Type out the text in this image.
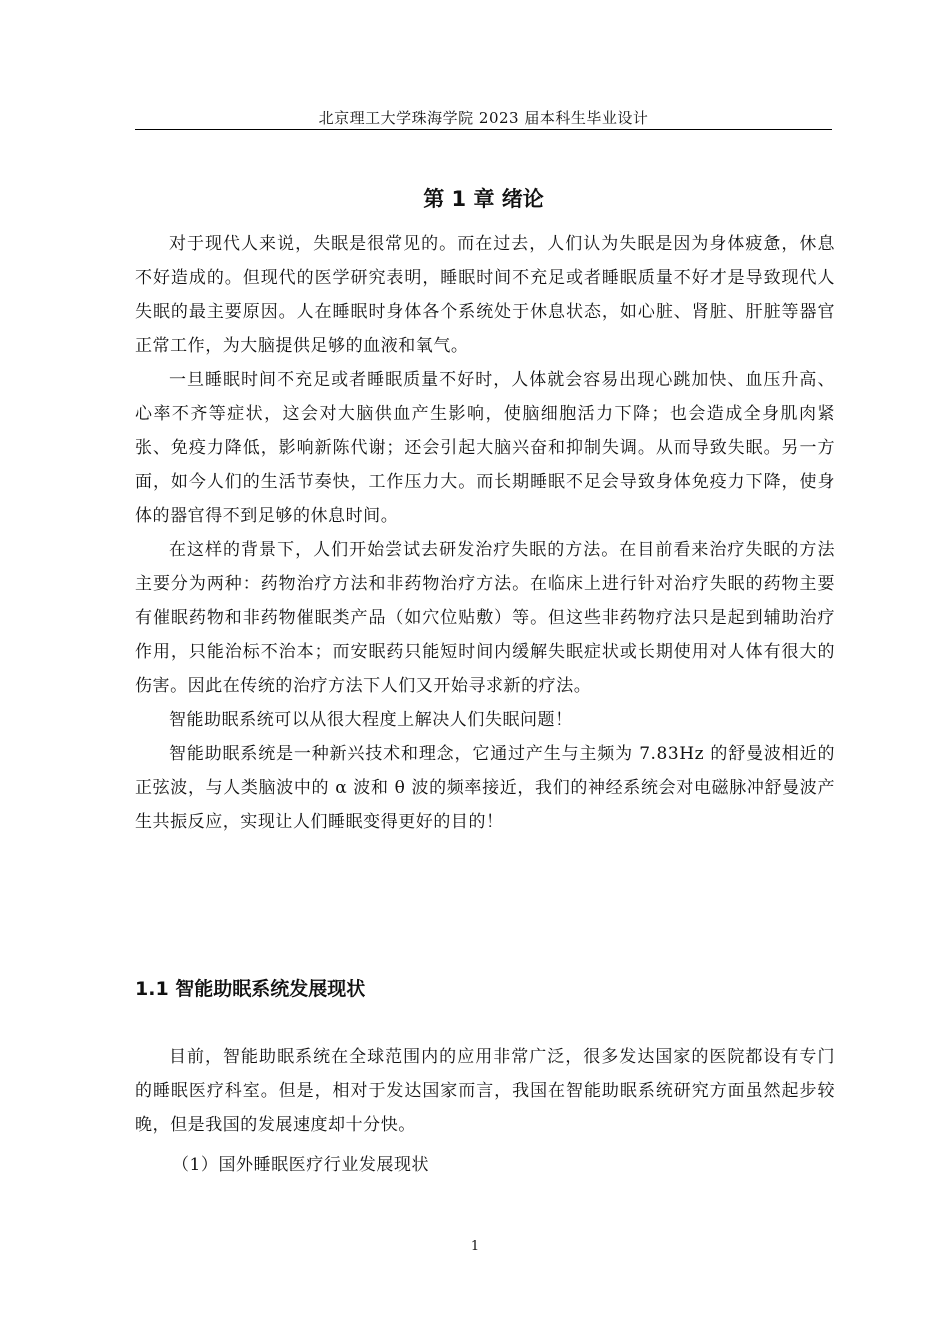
北京理工大学珠海学院 2023 届本科生毕业设计
第 1 章 绪论

对于现代人来说，失眠是很常见的。而在过去，人们认为失眠是因为身体疲惫，休息不好造成的。但现代的医学研究表明，睡眠时间不充足或者睡眠质量不好才是导致现代人失眠的最主要原因。人在睡眠时身体各个系统处于休息状态，如心脏、肾脏、肝脏等器官正常工作，为大脑提供足够的血液和氧气。

一旦睡眠时间不充足或者睡眠质量不好时，人体就会容易出现心跳加快、血压升高、心率不齐等症状，这会对大脑供血产生影响，使脑细胞活力下降；也会造成全身肌肉紧张、免疫力降低，影响新陈代谢；还会引起大脑兴奋和抑制失调。从而导致失眠。另一方面，如今人们的生活节奏快，工作压力大。而长期睡眠不足会导致身体免疫力下降，使身体的器官得不到足够的休息时间。

在这样的背景下，人们开始尝试去研发治疗失眠的方法。在目前看来治疗失眠的方法主要分为两种：药物治疗方法和非药物治疗方法。在临床上进行针对治疗失眠的药物主要有催眠药物和非药物催眠类产品（如穴位贴敷）等。但这些非药物疗法只是起到辅助治疗作用，只能治标不治本；而安眠药只能短时间内缓解失眠症状或长期使用对人体有很大的伤害。因此在传统的治疗方法下人们又开始寻求新的疗法。

智能助眠系统可以从很大程度上解决人们失眠问题！

智能助眠系统是一种新兴技术和理念，它通过产生与主频为 7.83Hz 的舒曼波相近的正弦波，与人类脑波中的 α 波和 θ 波的频率接近，我们的神经系统会对电磁脉冲舒曼波产生共振反应，实现让人们睡眠变得更好的目的！

1.1 智能助眠系统发展现状

目前，智能助眠系统在全球范围内的应用非常广泛，很多发达国家的医院都设有专门的睡眠医疗科室。但是，相对于发达国家而言，我国在智能助眠系统研究方面虽然起步较晚，但是我国的发展速度却十分快。

（1）国外睡眠医疗行业发展现状
1
